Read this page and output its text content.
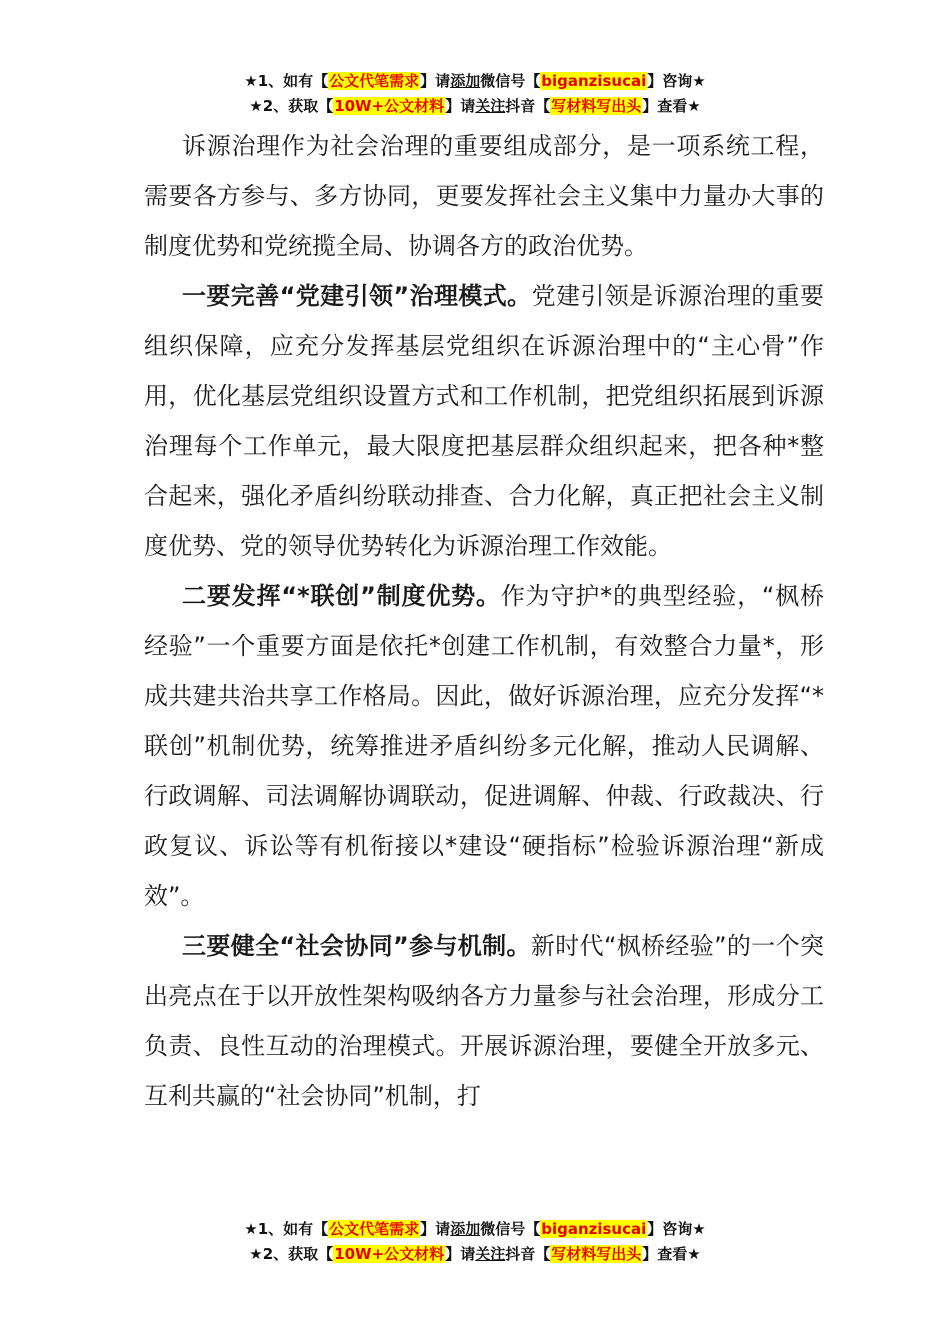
★1、如有【公文代笔需求】请添加微信号【biganzisucai】咨询★
★2、获取【10W+公文材料】请关注抖音【写材料写出头】查看★

诉源治理作为社会治理的重要组成部分，是一项系统工程，需要各方参与、多方协同，更要发挥社会主义集中力量办大事的制度优势和党统揽全局、协调各方的政治优势。

一要完善“党建引领”治理模式。党建引领是诉源治理的重要组织保障，应充分发挥基层党组织在诉源治理中的“主心骨”作用，优化基层党组织设置方式和工作机制，把党组织拓展到诉源治理每个工作单元，最大限度把基层群众组织起来，把各种*整合起来，强化矛盾纠纷联动排查、合力化解，真正把社会主义制度优势、党的领导优势转化为诉源治理工作效能。

二要发挥“*联创”制度优势。作为守护*的典型经验，“枫桥经验”一个重要方面是依托*创建工作机制，有效整合力量*，形成共建共治共享工作格局。因此，做好诉源治理，应充分发挥“*联创”机制优势，统筹推进矛盾纠纷多元化解，推动人民调解、行政调解、司法调解协调联动，促进调解、仲裁、行政裁决、行政复议、诉讼等有机衔接以*建设“硬指标”检验诉源治理“新成效”。

三要健全“社会协同”参与机制。新时代“枫桥经验”的一个突出亮点在于以开放性架构吸纳各方力量参与社会治理，形成分工负责、良性互动的治理模式。开展诉源治理，要健全开放多元、互利共赢的“社会协同”机制，打

★1、如有【公文代笔需求】请添加微信号【biganzisucai】咨询★
★2、获取【10W+公文材料】请关注抖音【写材料写出头】查看★
